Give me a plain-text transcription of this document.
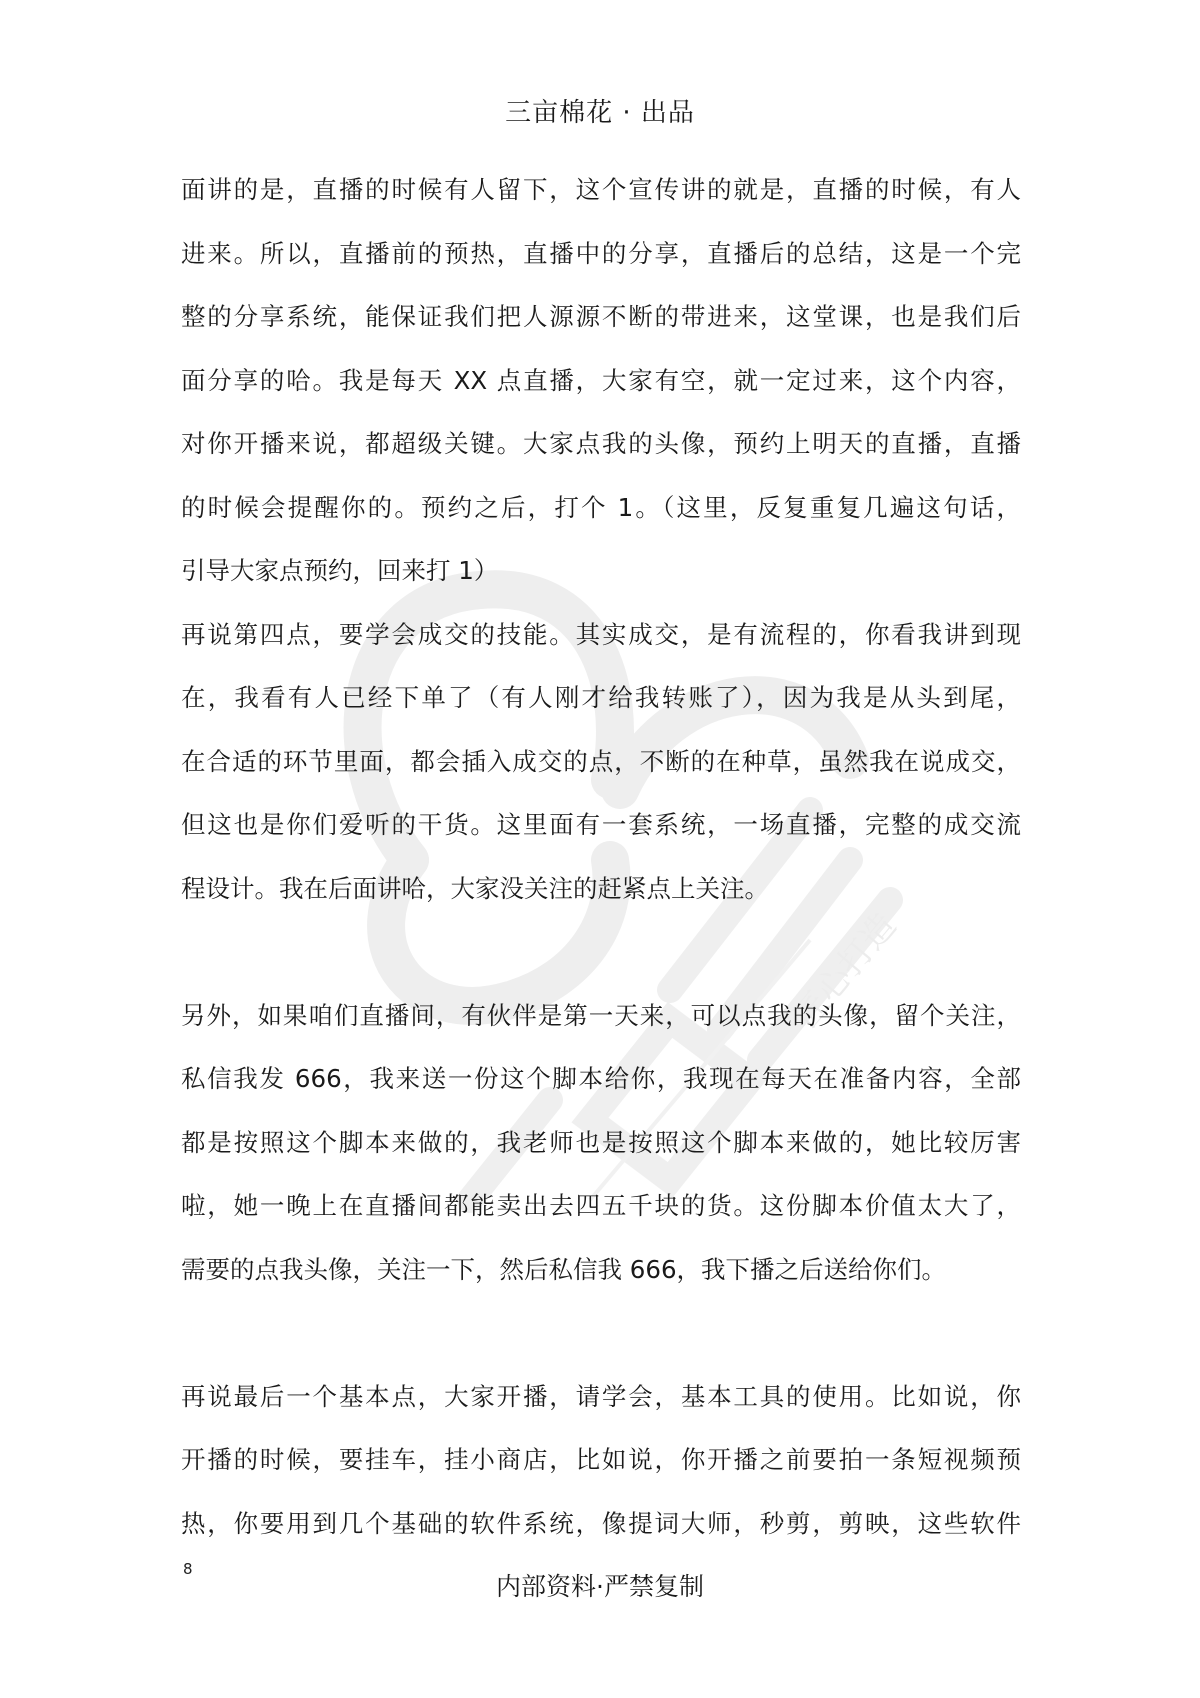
匠心打造
三亩棉花 · 出品
面讲的是，直播的时候有人留下，这个宣传讲的就是，直播的时候，有人
进来。所以，直播前的预热，直播中的分享，直播后的总结，这是一个完
整的分享系统，能保证我们把人源源不断的带进来，这堂课，也是我们后
面分享的哈。我是每天 XX 点直播，大家有空，就一定过来，这个内容，
对你开播来说，都超级关键。大家点我的头像，预约上明天的直播，直播
的时候会提醒你的。预约之后，打个 1。（这里，反复重复几遍这句话，
引导大家点预约，回来打 1）
再说第四点，要学会成交的技能。其实成交，是有流程的，你看我讲到现
在，我看有人已经下单了（有人刚才给我转账了），因为我是从头到尾，
在合适的环节里面，都会插入成交的点，不断的在种草，虽然我在说成交，
但这也是你们爱听的干货。这里面有一套系统，一场直播，完整的成交流
程设计。我在后面讲哈，大家没关注的赶紧点上关注。
另外，如果咱们直播间，有伙伴是第一天来，可以点我的头像，留个关注，
私信我发 666，我来送一份这个脚本给你，我现在每天在准备内容，全部
都是按照这个脚本来做的，我老师也是按照这个脚本来做的，她比较厉害
啦，她一晚上在直播间都能卖出去四五千块的货。这份脚本价值太大了，
需要的点我头像，关注一下，然后私信我 666，我下播之后送给你们。
再说最后一个基本点，大家开播，请学会，基本工具的使用。比如说，你
开播的时候，要挂车，挂小商店，比如说，你开播之前要拍一条短视频预
热，你要用到几个基础的软件系统，像提词大师，秒剪，剪映，这些软件
8
内部资料·严禁复制
